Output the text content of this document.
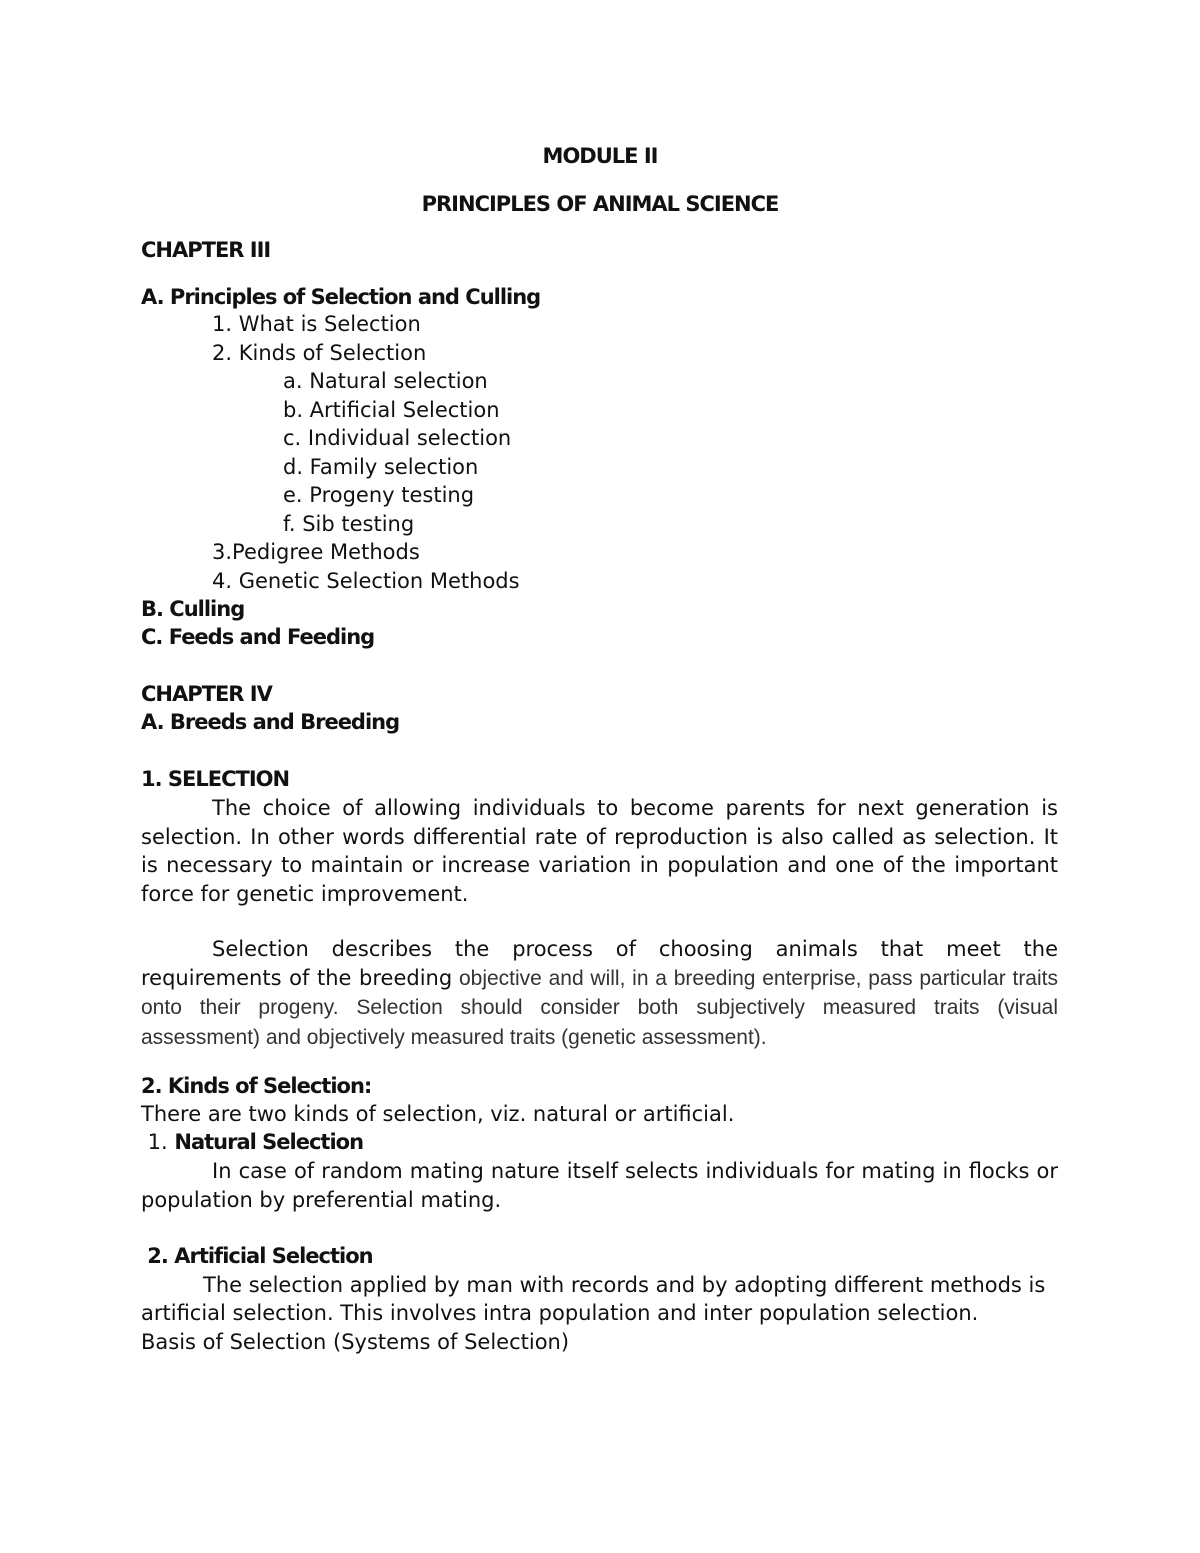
MODULE II
PRINCIPLES OF ANIMAL SCIENCE
CHAPTER III
A. Principles of Selection and Culling
1. What is Selection
2. Kinds of Selection
a. Natural selection
b. Artificial Selection
c. Individual selection
d. Family selection
e. Progeny testing
f. Sib testing
3.Pedigree Methods
4. Genetic Selection Methods
B. Culling
C. Feeds and Feeding
CHAPTER IV
A. Breeds and Breeding
1. SELECTION
The choice of allowing individuals to become parents for next generation is selection. In other words differential rate of reproduction is also called as selection. It is necessary to maintain or increase variation in population and one of the important force for genetic improvement.
Selection describes the process of choosing animals that meet the requirements of the breeding objective and will, in a breeding enterprise, pass particular traits onto their progeny. Selection should consider both subjectively measured traits (visual assessment) and objectively measured traits (genetic assessment).
2. Kinds of Selection:
There are two kinds of selection, viz. natural or artificial.
1. Natural Selection
In case of random mating nature itself selects individuals for mating in flocks or population by preferential mating.
2. Artificial Selection
The selection applied by man with records and by adopting different methods is
artificial selection. This involves intra population and inter population selection.
Basis of Selection (Systems of Selection)
